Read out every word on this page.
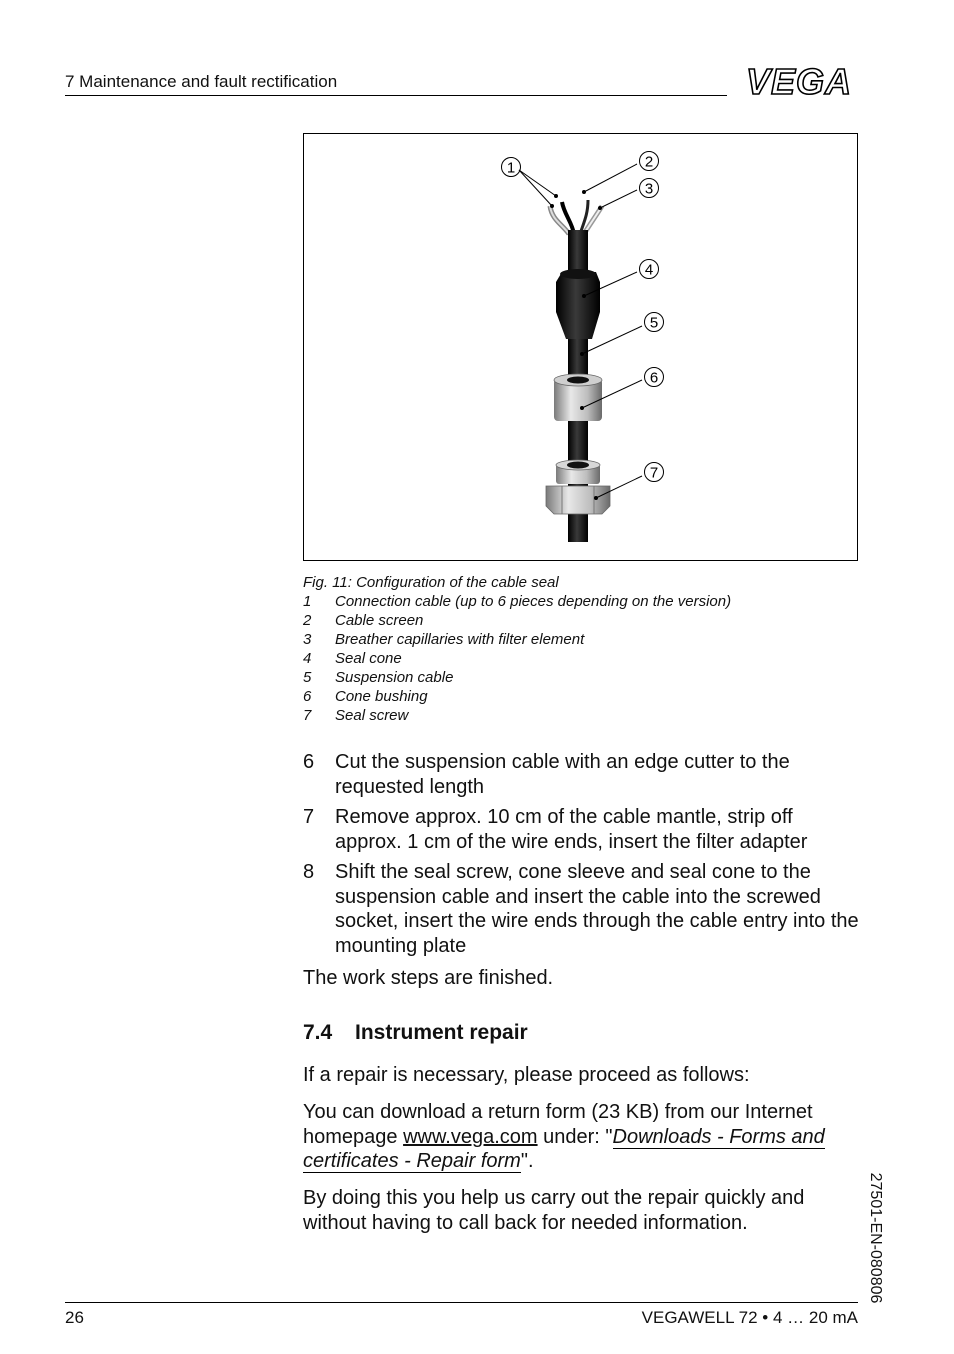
7 Maintenance and fault rectification	VEGA
1	2
3
4
5
6
7
Fig. 11: Configuration of the cable seal
1	Connection cable (up to 6 pieces depending on the version)
2	Cable screen
3	Breather capillaries with filter element
4	Seal cone
5	Suspension cable
6	Cone bushing
7	Seal screw
6	Cut the suspension cable with an edge cutter to the requested length
7	Remove approx. 10 cm of the cable mantle, strip off approx. 1 cm of the wire ends, insert the filter adapter
8	Shift the seal screw, cone sleeve and seal cone to the suspension cable and insert the cable into the screwed socket, insert the wire ends through the cable entry into the mounting plate

The work steps are finished.

7.4 Instrument repair

If a repair is necessary, please proceed as follows:

You can download a return form (23 KB) from our Internet homepage www.vega.com under: "Downloads - Forms and certificates - Repair form".

By doing this you help us carry out the repair quickly and without having to call back for needed information.	27501-EN-080806
26	VEGAWELL 72 • 4 … 20 mA
